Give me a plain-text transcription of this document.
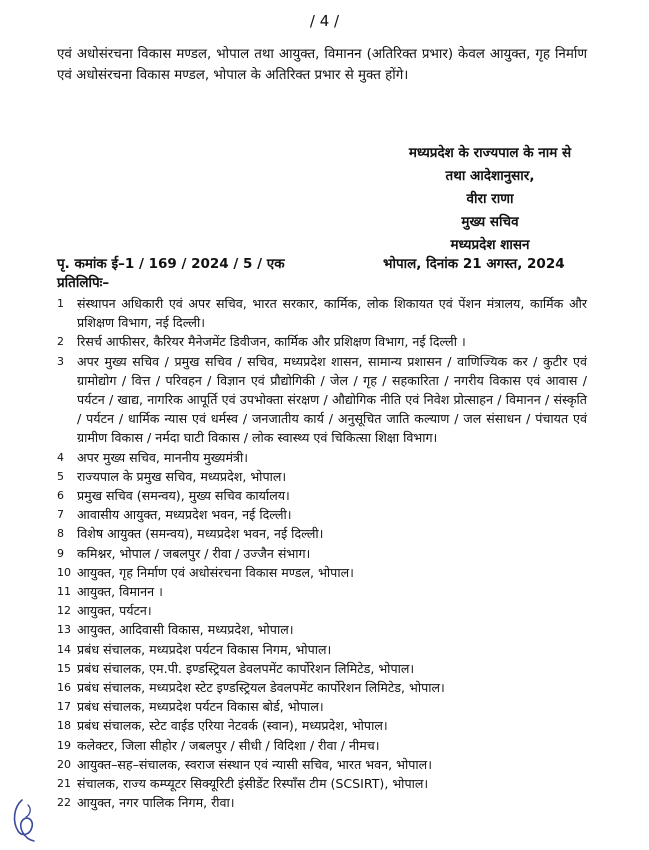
/ 4 /
एवं अधोसंरचना विकास मण्डल, भोपाल तथा आयुक्त, विमानन (अतिरिक्त प्रभार) केवल आयुक्त, गृह निर्माण एवं अधोसंरचना विकास मण्डल, भोपाल के अतिरिक्त प्रभार से मुक्त होंगे।
मध्यप्रदेश के राज्यपाल के नाम से
तथा आदेशानुसार,
वीरा राणा
मुख्य सचिव
मध्यप्रदेश शासन
पृ. कमांक ई–1 / 169 / 2024 / 5 / एक	भोपाल, दिनांक 21 अगस्त, 2024
प्रतिलिपिः–
1	संस्थापन अधिकारी एवं अपर सचिव, भारत सरकार, कार्मिक, लोक शिकायत एवं पेंशन मंत्रालय, कार्मिक और प्रशिक्षण विभाग, नई दिल्ली।
2	रिसर्च आफीसर, कैरियर मैनेजमेंट डिवीजन, कार्मिक और प्रशिक्षण विभाग, नई दिल्ली ।
3	अपर मुख्य सचिव / प्रमुख सचिव / सचिव, मध्यप्रदेश शासन, सामान्य प्रशासन / वाणिज्यिक कर / कुटीर एवं ग्रामोद्योग / वित्त / परिवहन / विज्ञान एवं प्रौद्योगिकी / जेल / गृह / सहकारिता / नगरीय विकास एवं आवास / पर्यटन / खाद्य, नागरिक आपूर्ति एवं उपभोक्ता संरक्षण / औद्योगिक नीति एवं निवेश प्रोत्साहन / विमानन / संस्कृति / पर्यटन / धार्मिक न्यास एवं धर्मस्व / जनजातीय कार्य / अनुसूचित जाति कल्याण / जल संसाधन / पंचायत एवं ग्रामीण विकास / नर्मदा घाटी विकास / लोक स्वास्थ्य एवं चिकित्सा शिक्षा विभाग।
4	अपर मुख्य सचिव, माननीय मुख्यमंत्री।
5	राज्यपाल के प्रमुख सचिव, मध्यप्रदेश, भोपाल।
6	प्रमुख सचिव (समन्वय), मुख्य सचिव कार्यालय।
7	आवासीय आयुक्त, मध्यप्रदेश भवन, नई दिल्ली।
8	विशेष आयुक्त (समन्वय), मध्यप्रदेश भवन, नई दिल्ली।
9	कमिश्नर, भोपाल / जबलपुर / रीवा / उज्जैन संभाग।
10 आयुक्त, गृह निर्माण एवं अधोसंरचना विकास मण्डल, भोपाल।
11 आयुक्त, विमानन ।
12 आयुक्त, पर्यटन।
13 आयुक्त, आदिवासी विकास, मध्यप्रदेश, भोपाल।
14 प्रबंध संचालक, मध्यप्रदेश पर्यटन विकास निगम, भोपाल।
15 प्रबंध संचालक, एम.पी. इण्डस्ट्रियल डेवलपमेंट कार्पोरेशन लिमिटेड, भोपाल।
16 प्रबंध संचालक, मध्यप्रदेश स्टेट इण्डस्ट्रियल डेवलपमेंट कार्पोरेशन लिमिटेड, भोपाल।
17 प्रबंध संचालक, मध्यप्रदेश पर्यटन विकास बोर्ड, भोपाल।
18 प्रबंध संचालक, स्टेट वाईड एरिया नेटवर्क (स्वान), मध्यप्रदेश, भोपाल।
19 कलेक्टर, जिला सीहोर / जबलपुर / सीधी / विदिशा / रीवा / नीमच।
20 आयुक्त–सह–संचालक, स्वराज संस्थान एवं न्यासी सचिव, भारत भवन, भोपाल।
21 संचालक, राज्य कम्प्यूटर सिक्यूरिटी इंसीडेंट रिस्पॉंस टीम (SCSIRT), भोपाल।
22 आयुक्त, नगर पालिक निगम, रीवा।
